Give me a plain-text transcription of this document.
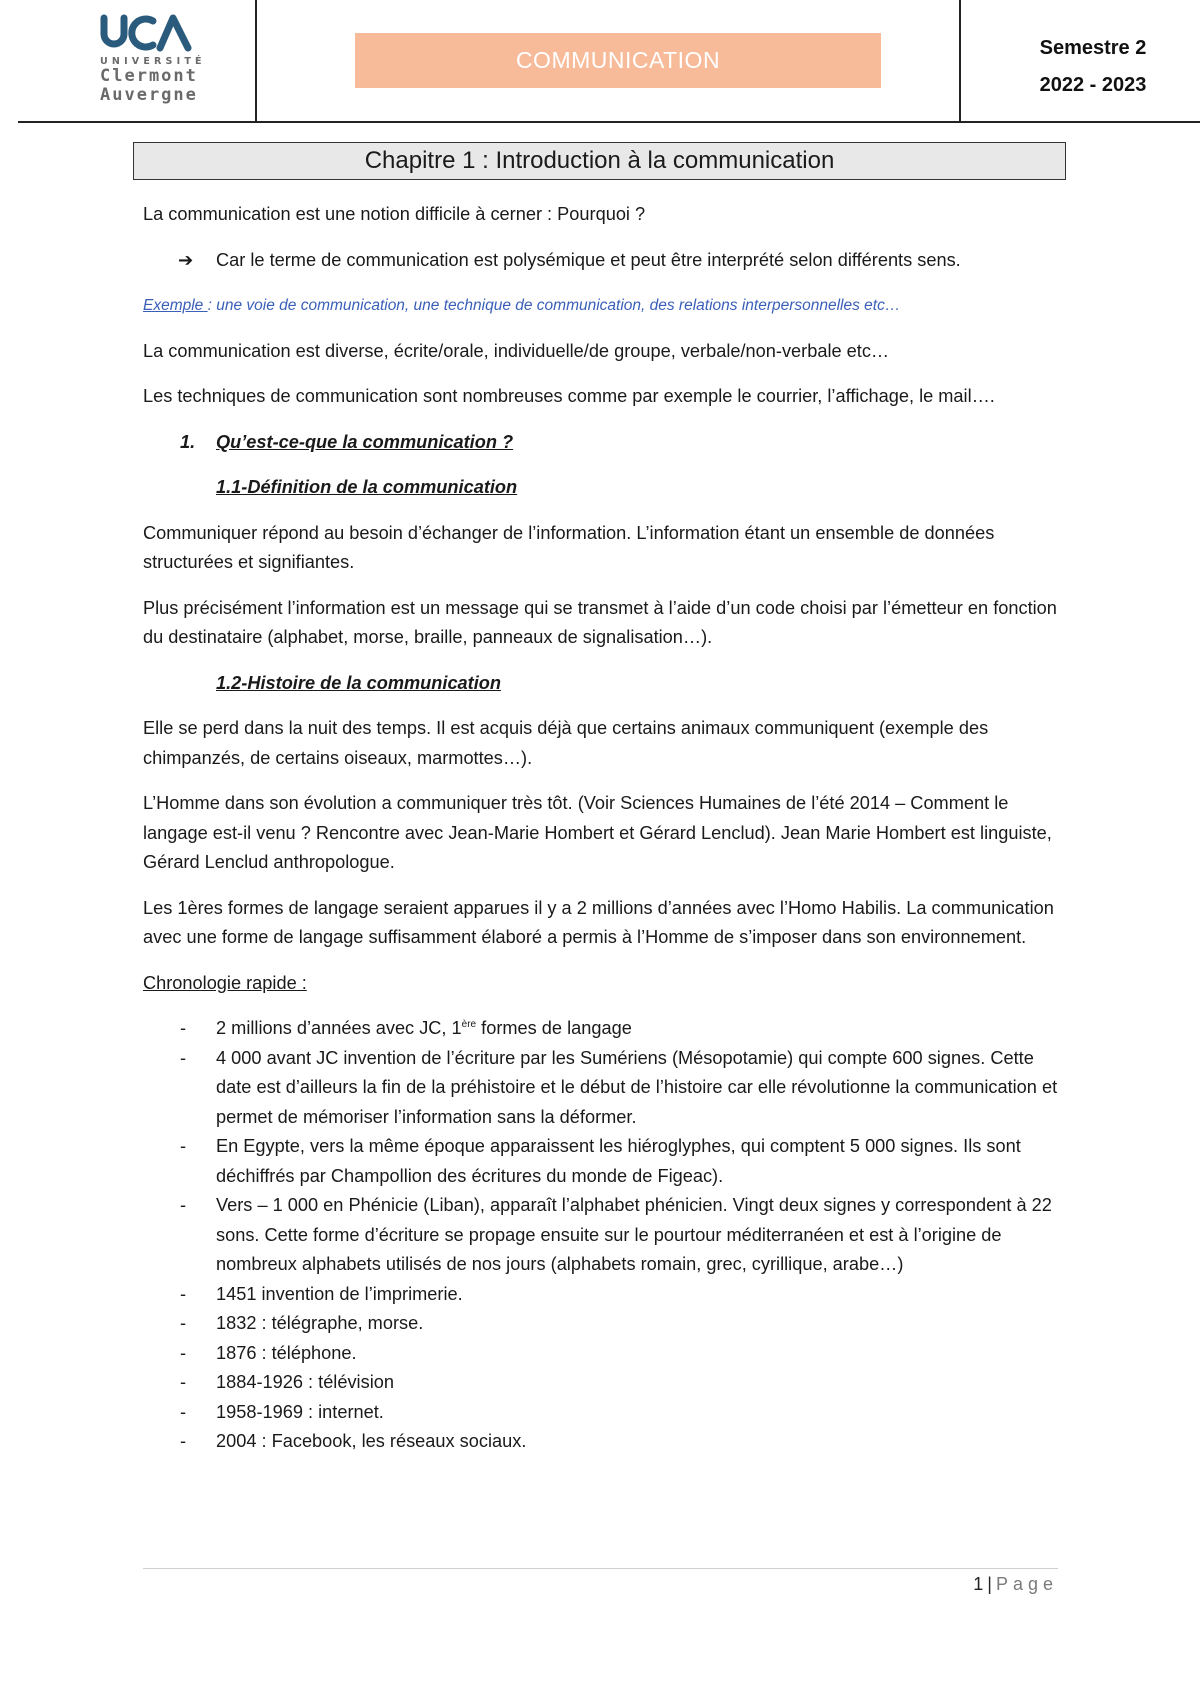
UNIVERSITÉ
Clermont
Auvergne
COMMUNICATION	Semestre 2
2022 - 2023
Chapitre 1 : Introduction à la communication

La communication est une notion difficile à cerner : Pourquoi ?

➔ Car le terme de communication est polysémique et peut être interprété selon différents sens.

Exemple : une voie de communication, une technique de communication, des relations interpersonnelles etc…

La communication est diverse, écrite/orale, individuelle/de groupe, verbale/non-verbale etc…

Les techniques de communication sont nombreuses comme par exemple le courrier, l’affichage, le mail….

1. Qu’est-ce-que la communication ?

1.1-Définition de la communication

Communiquer répond au besoin d’échanger de l’information. L’information étant un ensemble de données structurées et signifiantes.

Plus précisément l’information est un message qui se transmet à l’aide d’un code choisi par l’émetteur en fonction du destinataire (alphabet, morse, braille, panneaux de signalisation…).

1.2-Histoire de la communication

Elle se perd dans la nuit des temps. Il est acquis déjà que certains animaux communiquent (exemple des chimpanzés, de certains oiseaux, marmottes…).

L’Homme dans son évolution a communiquer très tôt. (Voir Sciences Humaines de l’été 2014 – Comment le langage est-il venu ? Rencontre avec Jean-Marie Hombert et Gérard Lenclud). Jean Marie Hombert est linguiste, Gérard Lenclud anthropologue.

Les 1ères formes de langage seraient apparues il y a 2 millions d’années avec l’Homo Habilis. La communication avec une forme de langage suffisamment élaboré a permis à l’Homme de s’imposer dans son environnement.

Chronologie rapide :

- 2 millions d’années avec JC, 1ère formes de langage
- 4 000 avant JC invention de l’écriture par les Sumériens (Mésopotamie) qui compte 600 signes. Cette date est d’ailleurs la fin de la préhistoire et le début de l’histoire car elle révolutionne la communication et permet de mémoriser l’information sans la déformer.
- En Egypte, vers la même époque apparaissent les hiéroglyphes, qui comptent 5 000 signes. Ils sont déchiffrés par Champollion des écritures du monde de Figeac).
- Vers – 1 000 en Phénicie (Liban), apparaît l’alphabet phénicien. Vingt deux signes y correspondent à 22 sons. Cette forme d’écriture se propage ensuite sur le pourtour méditerranéen et est à l’origine de nombreux alphabets utilisés de nos jours (alphabets romain, grec, cyrillique, arabe…)
- 1451 invention de l’imprimerie.
- 1832 : télégraphe, morse.
- 1876 : téléphone.
- 1884-1926 : télévision
- 1958-1969 : internet.
- 2004 : Facebook, les réseaux sociaux.
1 | Page
